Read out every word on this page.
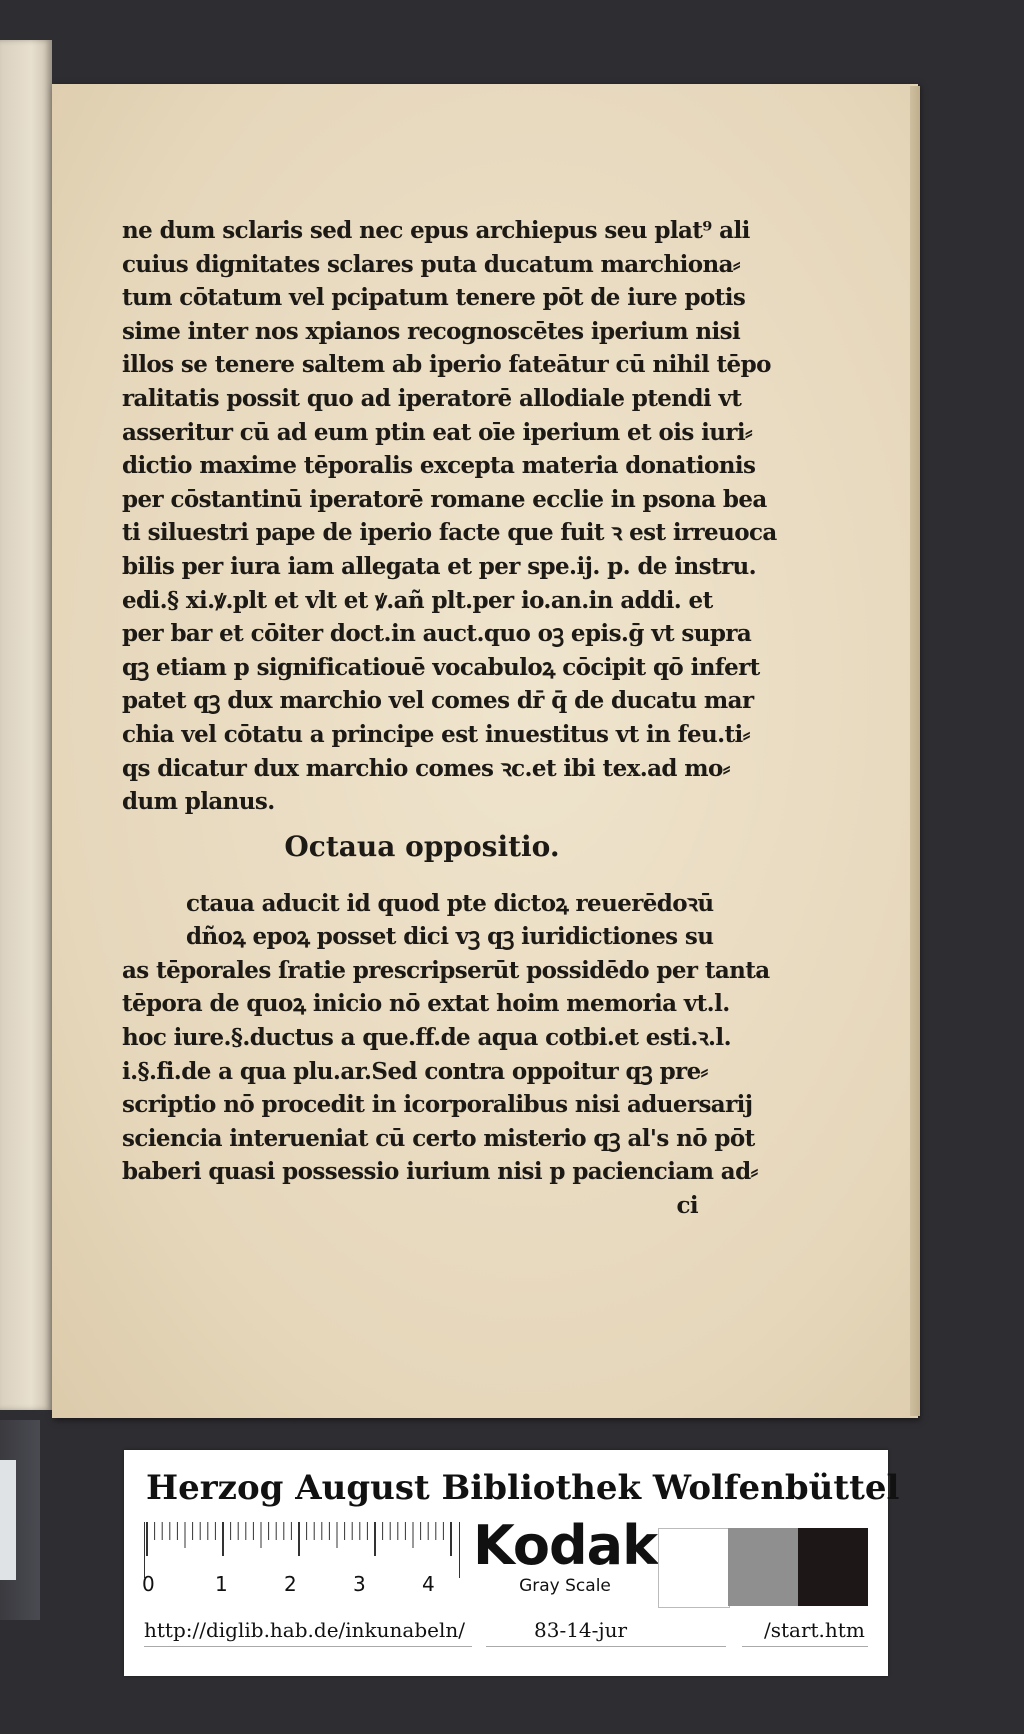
ne dum sclaris sed nec epus archiepus seu plat⁹ ali
cuius dignitates sclares puta ducatum marchiona⸗
tum cōtatum vel pcipatum tenere pōt de iure potis
sime inter nos xpianos recognoscētes iperium nisi
illos se tenere saltem ab iperio fateātur cū nihil tēpo
ralitatis possit quo ad iperatorē allodiale ptendi vt
asseritur cū ad eum ptin eat oīe iperium et ois iuri⸗
dictio maxime tēporalis excepta materia donationis
per cōstantinū iperatorē romane ecclie in psona bea
ti siluestri pape de iperio facte que fuit ꝛ est irreuoca
bilis per iura iam allegata et per spe.ij. p. de instru.
edi.§ xi.ꝟ.plt et vlt et ꝟ.añ plt.per io.an.in addi. et
per bar et cōiter doct.in auct.quo oꝫ epis.ḡ vt supra
qꝫ etiam p significatiouē vocabuloꝝ cōcipit qō infert
patet qꝫ dux marchio vel comes dr̄ q̄ de ducatu mar
chia vel cōtatu a principe est inuestitus vt in feu.ti⸗
qs dicatur dux marchio comes ꝛc.et ibi tex.ad mo⸗
dum planus.
Octaua oppositio.
ctaua aducit id quod pte dictoꝝ reuerēdoꝛū
dñoꝝ epoꝝ posset dici vꝫ qꝫ iuridictiones su
as tēporales ſratie prescripserūt possidēdo per tanta
tēpora de quoꝝ inicio nō extat hoim memoria vt.l.
hoc iure.§.ductus a que.ff.de aqua cotbi.et esti.ꝛ.l.
i.§.fi.de a qua plu.ar.Sed contra oppoitur qꝫ pre⸗
scriptio nō procedit in icorporalibus nisi aduersarij
sciencia interueniat cū certo misterio qꝫ al's nō pōt
baberi quasi possessio iurium nisi p pacienciam ad⸗
ci
Herzog August Bibliothek Wolfenbüttel
0	1	2	3	4
Kodak
Gray Scale
http://diglib.hab.de/inkunabeln/	83-14-jur	/start.htm
